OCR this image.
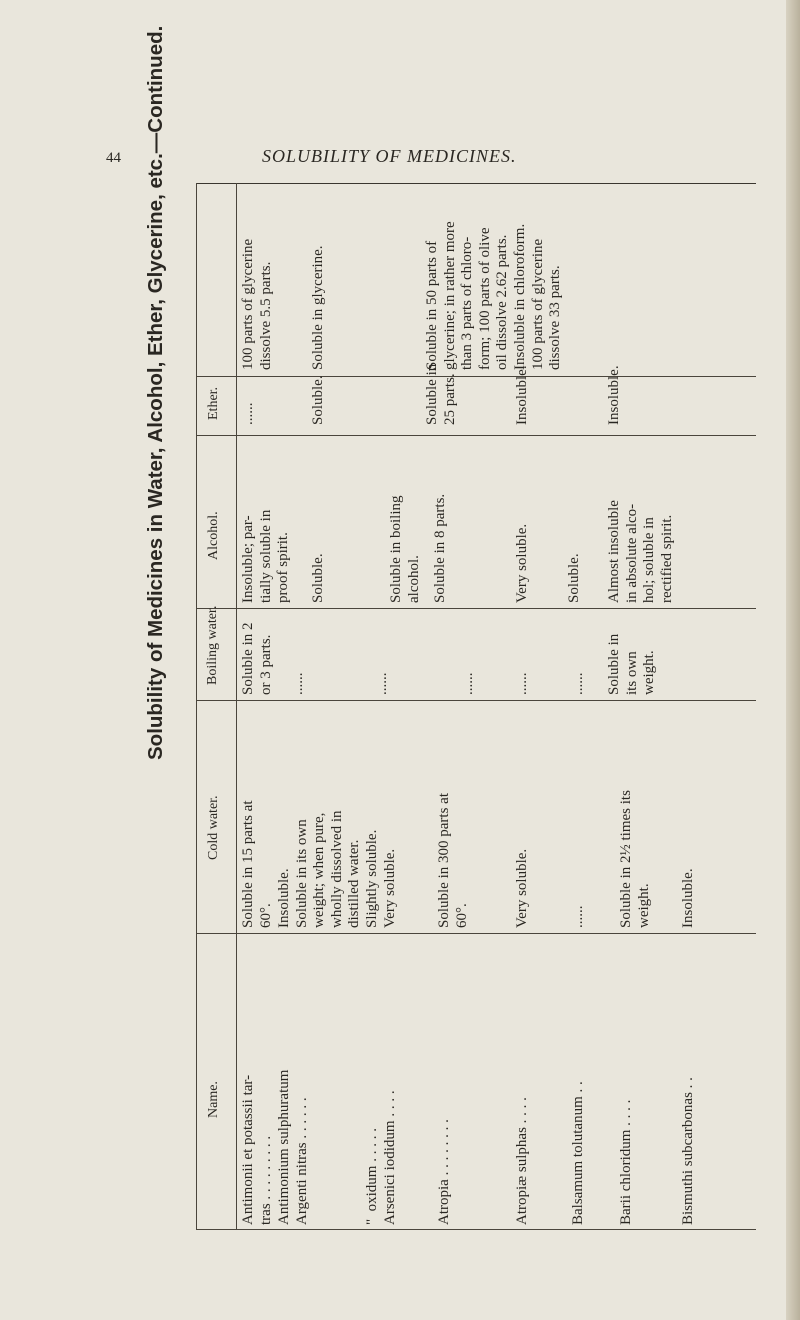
44	SOLUBILITY OF MEDICINES.
Solubility of Medicines in Water, Alcohol, Ether, Glycerine, etc.—Continued.	Ether.
Alcohol.
Boiling water.
Cold water.
Name.
Antimonii et potassii tar-
tras . . . . . . . . .
Soluble in 15 parts at
60°.
Soluble in 2
or 3 parts.
Insoluble; par-
tially soluble in
proof spirit.
......
100 parts of glycerine
dissolve 5.5 parts.
Antimonium sulphuratum
Argenti nitras . . . . . .
Insoluble.
Soluble in its own
weight; when pure,
wholly dissolved in
distilled water.
......
Soluble.
Soluble.
Soluble in glycerine.
"  oxidum . . . . .
Arsenici iodidum . . . .
Slightly soluble.
Very soluble.
......
Soluble in boiling
alcohol.
Soluble in
25 parts.
Soluble in 50 parts of
glycerine; in rather more
than 3 parts of chloro-
form; 100 parts of olive
oil dissolve 2.62 parts.
Atropia . . . . . . . .
Soluble in 300 parts at
60°.
......
Soluble in 8 parts.
Atropiæ sulphas . . . .
Very soluble.
......
Very soluble.
Insoluble.
Insoluble in chloroform.
100 parts of glycerine
dissolve 33 parts.
Balsamum tolutanum . .
......
......
Soluble.
Barii chloridum . . . .
Soluble in 2½ times its
weight.
Soluble in
its own
weight.
Almost insoluble
in absolute alco-
hol; soluble in
rectified spirit.
Insoluble.
Bismuthi subcarbonas . .
Insoluble.
